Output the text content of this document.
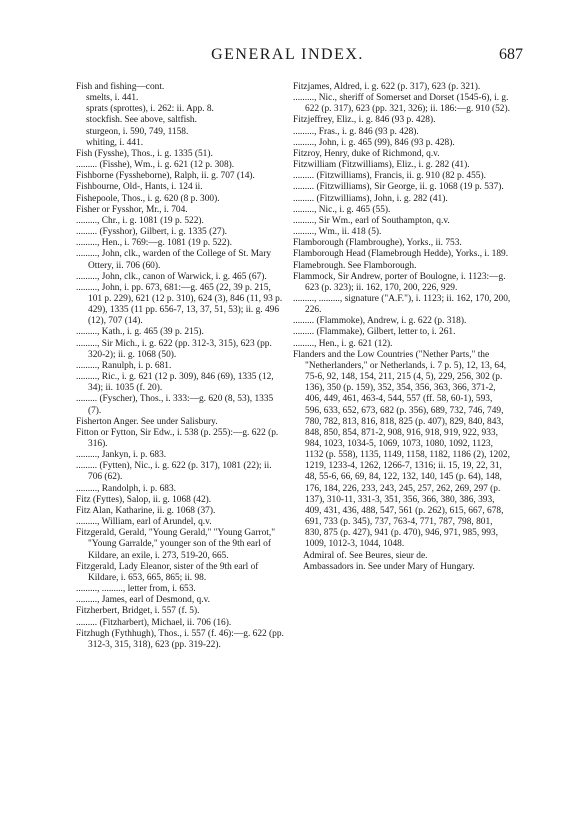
GENERAL INDEX.	687

Fish and fishing—cont.

smelts, i. 441.

sprats (sprottes), i. 262: ii. App. 8.

stockfish. See above, saltfish.

sturgeon, i. 590, 749, 1158.

whiting, i. 441.

Fish (Fysshe), Thos., i. g. 1335 (51).

......... (Fisshe), Wm., i. g. 621 (12 p. 308).

Fishborne (Fyssheborne), Ralph, ii. g. 707 (14).

Fishbourne, Old-, Hants, i. 124 ii.

Fishepoole, Thos., i. g. 620 (8 p. 300).

Fisher or Fysshor, Mr., i. 704.

........., Chr., i. g. 1081 (19 p. 522).

......... (Fysshor), Gilbert, i. g. 1335 (27).

........., Hen., i. 769:—g. 1081 (19 p. 522).

........., John, clk., warden of the College of St. Mary Ottery, ii. 706 (60).

........., John, clk., canon of Warwick, i. g. 465 (67).

........., John, i. pp. 673, 681:—g. 465 (22, 39 p. 215, 101 p. 229), 621 (12 p. 310), 624 (3), 846 (11, 93 p. 429), 1335 (11 pp. 656-7, 13, 37, 51, 53); ii. g. 496 (12), 707 (14).

........., Kath., i. g. 465 (39 p. 215).

........., Sir Mich., i. g. 622 (pp. 312-3, 315), 623 (pp. 320-2); ii. g. 1068 (50).

........., Ranulph, i. p. 681.

........., Ric., i. g. 621 (12 p. 309), 846 (69), 1335 (12, 34); ii. 1035 (f. 20).

......... (Fyscher), Thos., i. 333:—g. 620 (8, 53), 1335 (7).

Fisherton Anger. See under Salisbury.

Fitton or Fytton, Sir Edw., i. 538 (p. 255):—g. 622 (p. 316).

........., Jankyn, i. p. 683.

......... (Fytten), Nic., i. g. 622 (p. 317), 1081 (22); ii. 706 (62).

........., Randolph, i. p. 683.

Fitz (Fyttes), Salop, ii. g. 1068 (42).

Fitz Alan, Katharine, ii. g. 1068 (37).

........., William, earl of Arundel, q.v.

Fitzgerald, Gerald, "Young Gerald," "Young Garrot," "Young Garralde," younger son of the 9th earl of Kildare, an exile, i. 273, 519-20, 665.

Fitzgerald, Lady Eleanor, sister of the 9th earl of Kildare, i. 653, 665, 865; ii. 98.

........., ........., letter from, i. 653.

........., James, earl of Desmond, q.v.

Fitzherbert, Bridget, i. 557 (f. 5).

......... (Fitzharbert), Michael, ii. 706 (16).

Fitzhugh (Fythhugh), Thos., i. 557 (f. 46):—g. 622 (pp. 312-3, 315, 318), 623 (pp. 319-22).

Fitzjames, Aldred, i. g. 622 (p. 317), 623 (p. 321).

........., Nic., sheriff of Somerset and Dorset (1545-6), i. g. 622 (p. 317), 623 (pp. 321, 326); ii. 186:—g. 910 (52).

Fitzjeffrey, Eliz., i. g. 846 (93 p. 428).

........., Fras., i. g. 846 (93 p. 428).

........., John, i. g. 465 (99), 846 (93 p. 428).

Fitzroy, Henry, duke of Richmond, q.v.

Fitzwilliam (Fitzwilliams), Eliz., i. g. 282 (41).

......... (Fitzwilliams), Francis, ii. g. 910 (82 p. 455).

......... (Fitzwilliams), Sir George, ii. g. 1068 (19 p. 537).

......... (Fitzwilliams), John, i. g. 282 (41).

........., Nic., i. g. 465 (55).

........., Sir Wm., earl of Southampton, q.v.

........., Wm., ii. 418 (5).

Flamborough (Flambroughe), Yorks., ii. 753.

Flamborough Head (Flamebrough Hedde), Yorks., i. 189.

Flamebrough. See Flamborough.

Flammock, Sir Andrew, porter of Boulogne, i. 1123:—g. 623 (p. 323); ii. 162, 170, 200, 226, 929.

........., ........., signature ("A.F."), i. 1123; ii. 162, 170, 200, 226.

......... (Flammoke), Andrew, i. g. 622 (p. 318).

......... (Flammake), Gilbert, letter to, i. 261.

........., Hen., i. g. 621 (12).

Flanders and the Low Countries ("Nether Parts," the "Netherlanders," or Netherlands, i. 7 p. 5), 12, 13, 64, 75-6, 92, 148, 154, 211, 215 (4, 5), 229, 256, 302 (p. 136), 350 (p. 159), 352, 354, 356, 363, 366, 371-2, 406, 449, 461, 463-4, 544, 557 (ff. 58, 60-1), 593, 596, 633, 652, 673, 682 (p. 356), 689, 732, 746, 749, 780, 782, 813, 816, 818, 825 (p. 407), 829, 840, 843, 848, 850, 854, 871-2, 908, 916, 918, 919, 922, 933, 984, 1023, 1034-5, 1069, 1073, 1080, 1092, 1123, 1132 (p. 558), 1135, 1149, 1158, 1182, 1186 (2), 1202, 1219, 1233-4, 1262, 1266-7, 1316; ii. 15, 19, 22, 31, 48, 55-6, 66, 69, 84, 122, 132, 140, 145 (p. 64), 148, 176, 184, 226, 233, 243, 245, 257, 262, 269, 297 (p. 137), 310-11, 331-3, 351, 356, 366, 380, 386, 393, 409, 431, 436, 488, 547, 561 (p. 262), 615, 667, 678, 691, 733 (p. 345), 737, 763-4, 771, 787, 798, 801, 830, 875 (p. 427), 941 (p. 470), 946, 971, 985, 993, 1009, 1012-3, 1044, 1048.

Admiral of. See Beures, sieur de.

Ambassadors in. See under Mary of Hungary.
